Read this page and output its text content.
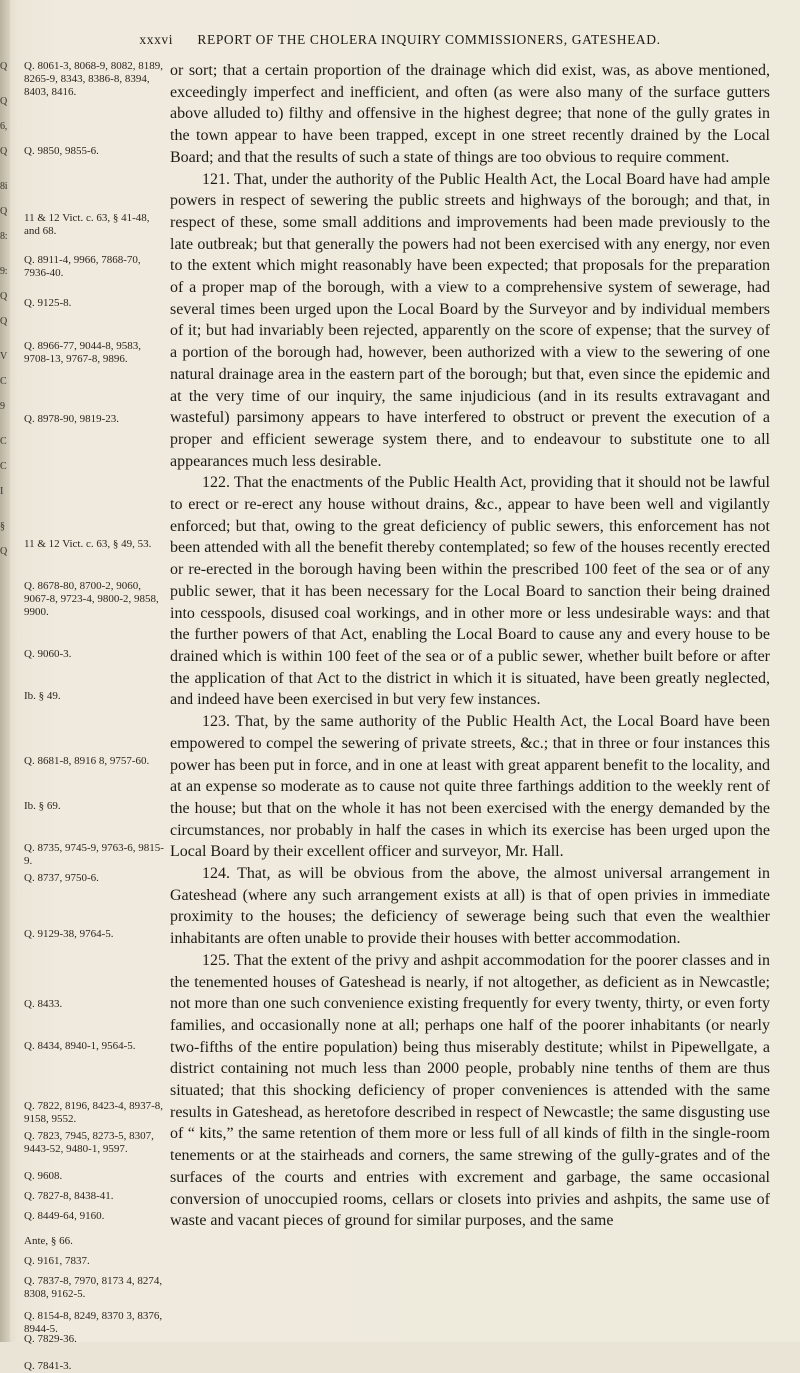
Q
Q
6,
Q
8i
Q
8:
9:
Q
Q
V
C
9
C
C
I
§
Q
xxxvi REPORT OF THE CHOLERA INQUIRY COMMISSIONERS, GATESHEAD.
Q. 8061-3, 8068-9, 8082, 8189, 8265-9, 8343, 8386-8, 8394, 8403, 8416.
Q. 9850, 9855-6.
11 & 12 Vict. c. 63, § 41-48, and 68.
Q. 8911-4, 9966, 7868-70, 7936-40.
Q. 9125-8.
Q. 8966-77, 9044-8, 9583, 9708-13, 9767-8, 9896.
Q. 8978-90, 9819-23.
11 & 12 Vict. c. 63, § 49, 53.
Q. 8678-80, 8700-2, 9060, 9067-8, 9723-4, 9800-2, 9858, 9900.
Q. 9060-3.
Ib. § 49.
Q. 8681-8, 8916 8, 9757-60.
Ib. § 69.
Q. 8735, 9745-9, 9763-6, 9815-9.
Q. 8737, 9750-6.
Q. 9129-38, 9764-5.
Q. 8433.
Q. 8434, 8940-1, 9564-5.
Q. 7822, 8196, 8423-4, 8937-8, 9158, 9552.
Q. 7823, 7945, 8273-5, 8307, 9443-52, 9480-1, 9597.
Q. 9608.
Q. 7827-8, 8438-41.
Q. 8449-64, 9160.
Ante, § 66.
Q. 9161, 7837.
Q. 7837-8, 7970, 8173 4, 8274, 8308, 9162-5.
Q. 8154-8, 8249, 8370 3, 8376, 8944-5.
Q. 7829-36.
Q. 7841-3.

or sort; that a certain proportion of the drainage which did exist, was, as above mentioned, exceedingly imperfect and inefficient, and often (as were also many of the surface gutters above alluded to) filthy and offensive in the highest degree; that none of the gully grates in the town appear to have been trapped, except in one street recently drained by the Local Board; and that the results of such a state of things are too obvious to require comment.

121. That, under the authority of the Public Health Act, the Local Board have had ample powers in respect of sewering the public streets and highways of the borough; and that, in respect of these, some small additions and improvements had been made previously to the late outbreak; but that generally the powers had not been exercised with any energy, nor even to the extent which might reasonably have been expected; that proposals for the preparation of a proper map of the borough, with a view to a comprehensive system of sewerage, had several times been urged upon the Local Board by the Surveyor and by individual members of it; but had invariably been rejected, apparently on the score of expense; that the survey of a portion of the borough had, however, been authorized with a view to the sewering of one natural drainage area in the eastern part of the borough; but that, even since the epidemic and at the very time of our inquiry, the same injudicious (and in its results extravagant and wasteful) parsimony appears to have interfered to obstruct or prevent the execution of a proper and efficient sewerage system there, and to endeavour to substitute one to all appearances much less desirable.

122. That the enactments of the Public Health Act, providing that it should not be lawful to erect or re-erect any house without drains, &c., appear to have been well and vigilantly enforced; but that, owing to the great deficiency of public sewers, this enforcement has not been attended with all the benefit thereby contemplated; so few of the houses recently erected or re-erected in the borough having been within the prescribed 100 feet of the sea or of any public sewer, that it has been necessary for the Local Board to sanction their being drained into cesspools, disused coal workings, and in other more or less undesirable ways: and that the further powers of that Act, enabling the Local Board to cause any and every house to be drained which is within 100 feet of the sea or of a public sewer, whether built before or after the application of that Act to the district in which it is situated, have been greatly neglected, and indeed have been exercised in but very few instances.

123. That, by the same authority of the Public Health Act, the Local Board have been empowered to compel the sewering of private streets, &c.; that in three or four instances this power has been put in force, and in one at least with great apparent benefit to the locality, and at an expense so moderate as to cause not quite three farthings addition to the weekly rent of the house; but that on the whole it has not been exercised with the energy demanded by the circumstances, nor probably in half the cases in which its exercise has been urged upon the Local Board by their excellent officer and surveyor, Mr. Hall.

124. That, as will be obvious from the above, the almost universal arrangement in Gateshead (where any such arrangement exists at all) is that of open privies in immediate proximity to the houses; the deficiency of sewerage being such that even the wealthier inhabitants are often unable to provide their houses with better accommodation.

125. That the extent of the privy and ashpit accommodation for the poorer classes and in the tenemented houses of Gateshead is nearly, if not altogether, as deficient as in Newcastle; not more than one such convenience existing frequently for every twenty, thirty, or even forty families, and occasionally none at all; perhaps one half of the poorer inhabitants (or nearly two-fifths of the entire population) being thus miserably destitute; whilst in Pipewellgate, a district containing not much less than 2000 people, probably nine tenths of them are thus situated; that this shocking deficiency of proper conveniences is attended with the same results in Gateshead, as heretofore described in respect of Newcastle; the same disgusting use of “ kits,” the same retention of them more or less full of all kinds of filth in the single-room tenements or at the stairheads and corners, the same strewing of the gully-grates and of the surfaces of the courts and entries with excrement and garbage, the same occasional conversion of unoccupied rooms, cellars or closets into privies and ashpits, the same use of waste and vacant pieces of ground for similar purposes, and the same
